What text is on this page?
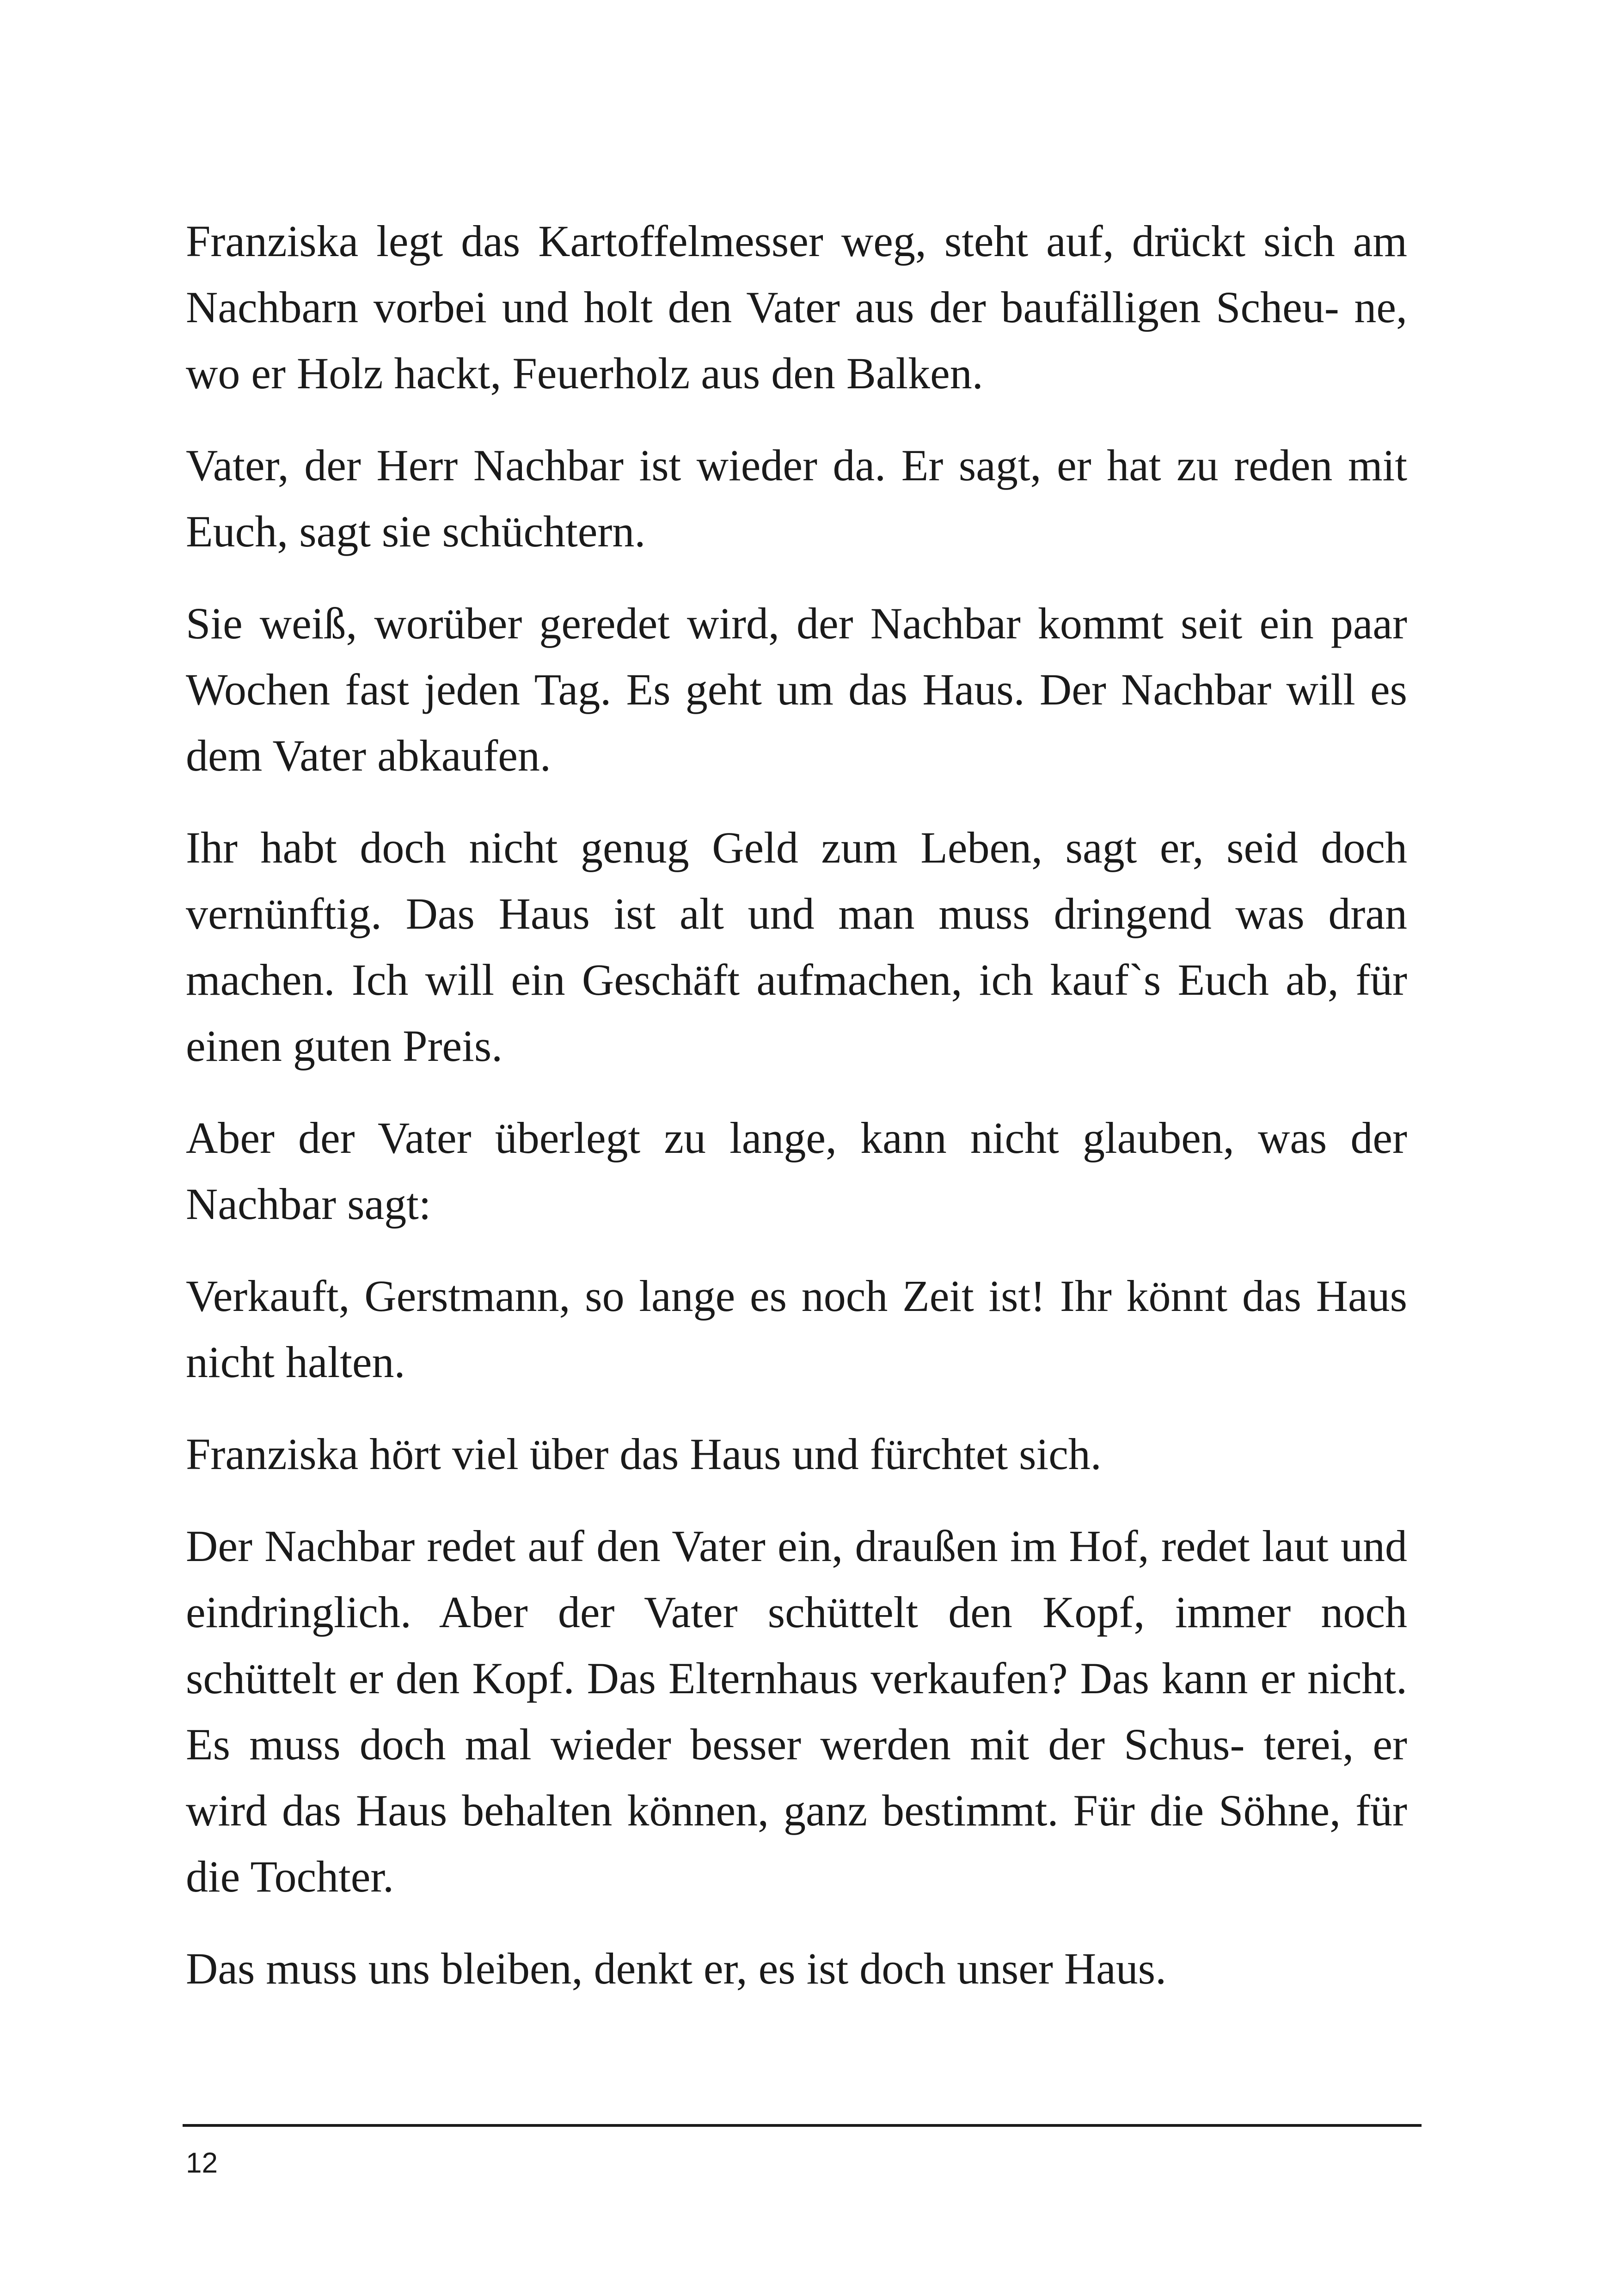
Franziska legt das Kartoffelmesser weg, steht auf, drückt sich am Nachbarn vorbei und holt den Vater aus der baufälligen Scheu- ne, wo er Holz hackt, Feuerholz aus den Balken.

Vater, der Herr Nachbar ist wieder da. Er sagt, er hat zu reden mit Euch, sagt sie schüchtern.

Sie weiß, worüber geredet wird, der Nachbar kommt seit ein paar Wochen fast jeden Tag. Es geht um das Haus. Der Nachbar will es dem Vater abkaufen.

Ihr habt doch nicht genug Geld zum Leben, sagt er, seid doch vernünftig. Das Haus ist alt und man muss dringend was dran machen. Ich will ein Geschäft aufmachen, ich kauf`s Euch ab, für einen guten Preis.

Aber der Vater überlegt zu lange, kann nicht glauben, was der Nachbar sagt:

Verkauft, Gerstmann, so lange es noch Zeit ist! Ihr könnt das Haus nicht halten.

Franziska hört viel über das Haus und fürchtet sich.

Der Nachbar redet auf den Vater ein, draußen im Hof, redet laut und eindringlich. Aber der Vater schüttelt den Kopf, immer noch schüttelt er den Kopf. Das Elternhaus verkaufen? Das kann er nicht. Es muss doch mal wieder besser werden mit der Schus- terei, er wird das Haus behalten können, ganz bestimmt. Für die Söhne, für die Tochter.

Das muss uns bleiben, denkt er, es ist doch unser Haus.

12
